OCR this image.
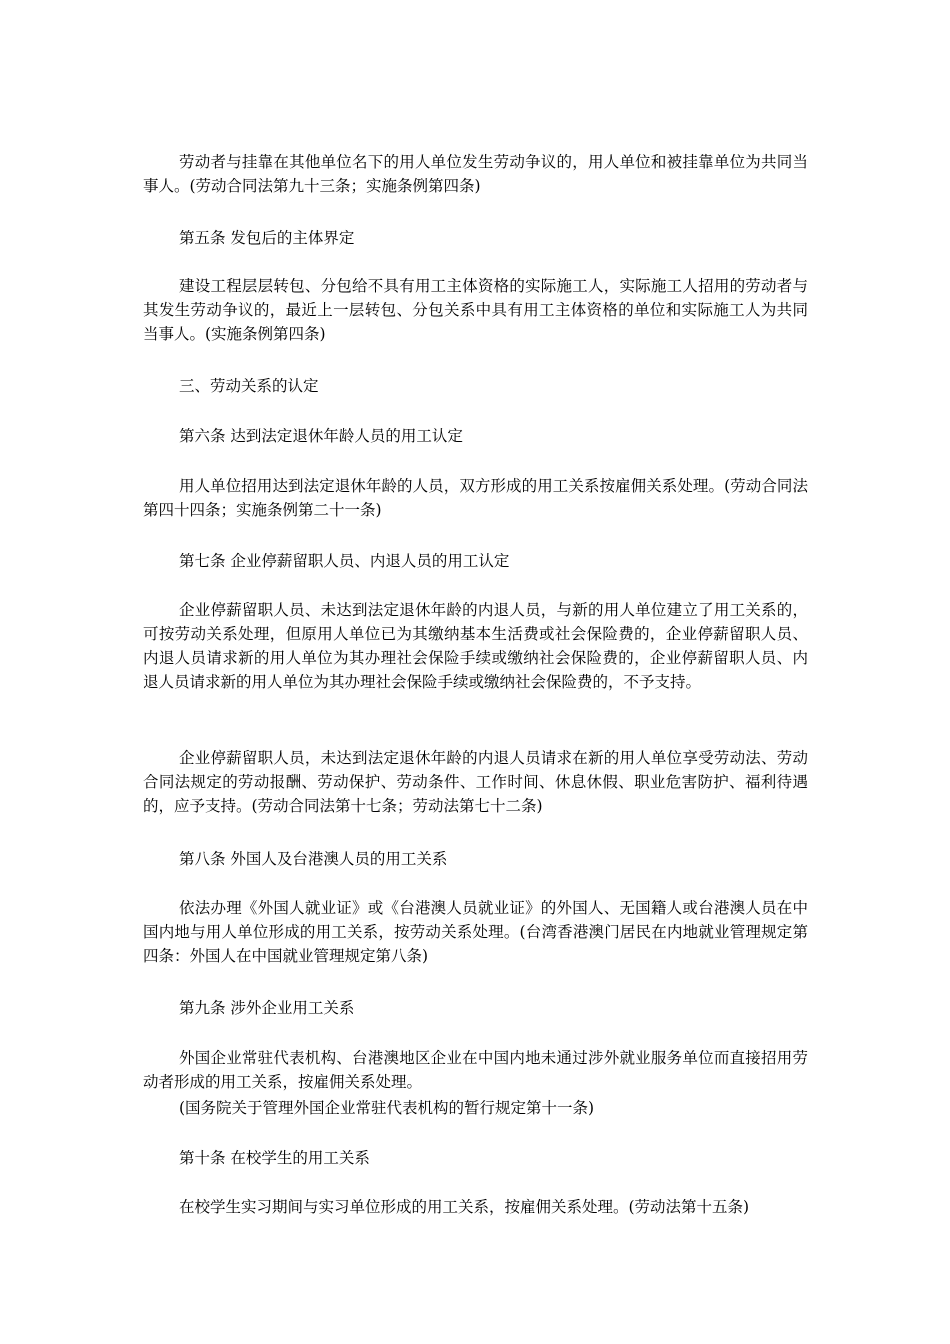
劳动者与挂靠在其他单位名下的用人单位发生劳动争议的，用人单位和被挂靠单位为共同当事人。(劳动合同法第九十三条；实施条例第四条)

第五条 发包后的主体界定

建设工程层层转包、分包给不具有用工主体资格的实际施工人，实际施工人招用的劳动者与其发生劳动争议的，最近上一层转包、分包关系中具有用工主体资格的单位和实际施工人为共同当事人。(实施条例第四条)

三、劳动关系的认定

第六条 达到法定退休年龄人员的用工认定

用人单位招用达到法定退休年龄的人员，双方形成的用工关系按雇佣关系处理。(劳动合同法第四十四条；实施条例第二十一条)

第七条 企业停薪留职人员、内退人员的用工认定

企业停薪留职人员、未达到法定退休年龄的内退人员，与新的用人单位建立了用工关系的，可按劳动关系处理，但原用人单位已为其缴纳基本生活费或社会保险费的，企业停薪留职人员、内退人员请求新的用人单位为其办理社会保险手续或缴纳社会保险费的，企业停薪留职人员、内退人员请求新的用人单位为其办理社会保险手续或缴纳社会保险费的，不予支持。

企业停薪留职人员，未达到法定退休年龄的内退人员请求在新的用人单位享受劳动法、劳动合同法规定的劳动报酬、劳动保护、劳动条件、工作时间、休息休假、职业危害防护、福利待遇的，应予支持。(劳动合同法第十七条；劳动法第七十二条)

第八条 外国人及台港澳人员的用工关系

依法办理《外国人就业证》或《台港澳人员就业证》的外国人、无国籍人或台港澳人员在中国内地与用人单位形成的用工关系，按劳动关系处理。(台湾香港澳门居民在内地就业管理规定第四条：外国人在中国就业管理规定第八条)

第九条 涉外企业用工关系

外国企业常驻代表机构、台港澳地区企业在中国内地未通过涉外就业服务单位而直接招用劳动者形成的用工关系，按雇佣关系处理。

(国务院关于管理外国企业常驻代表机构的暂行规定第十一条)

第十条 在校学生的用工关系

在校学生实习期间与实习单位形成的用工关系，按雇佣关系处理。(劳动法第十五条)
